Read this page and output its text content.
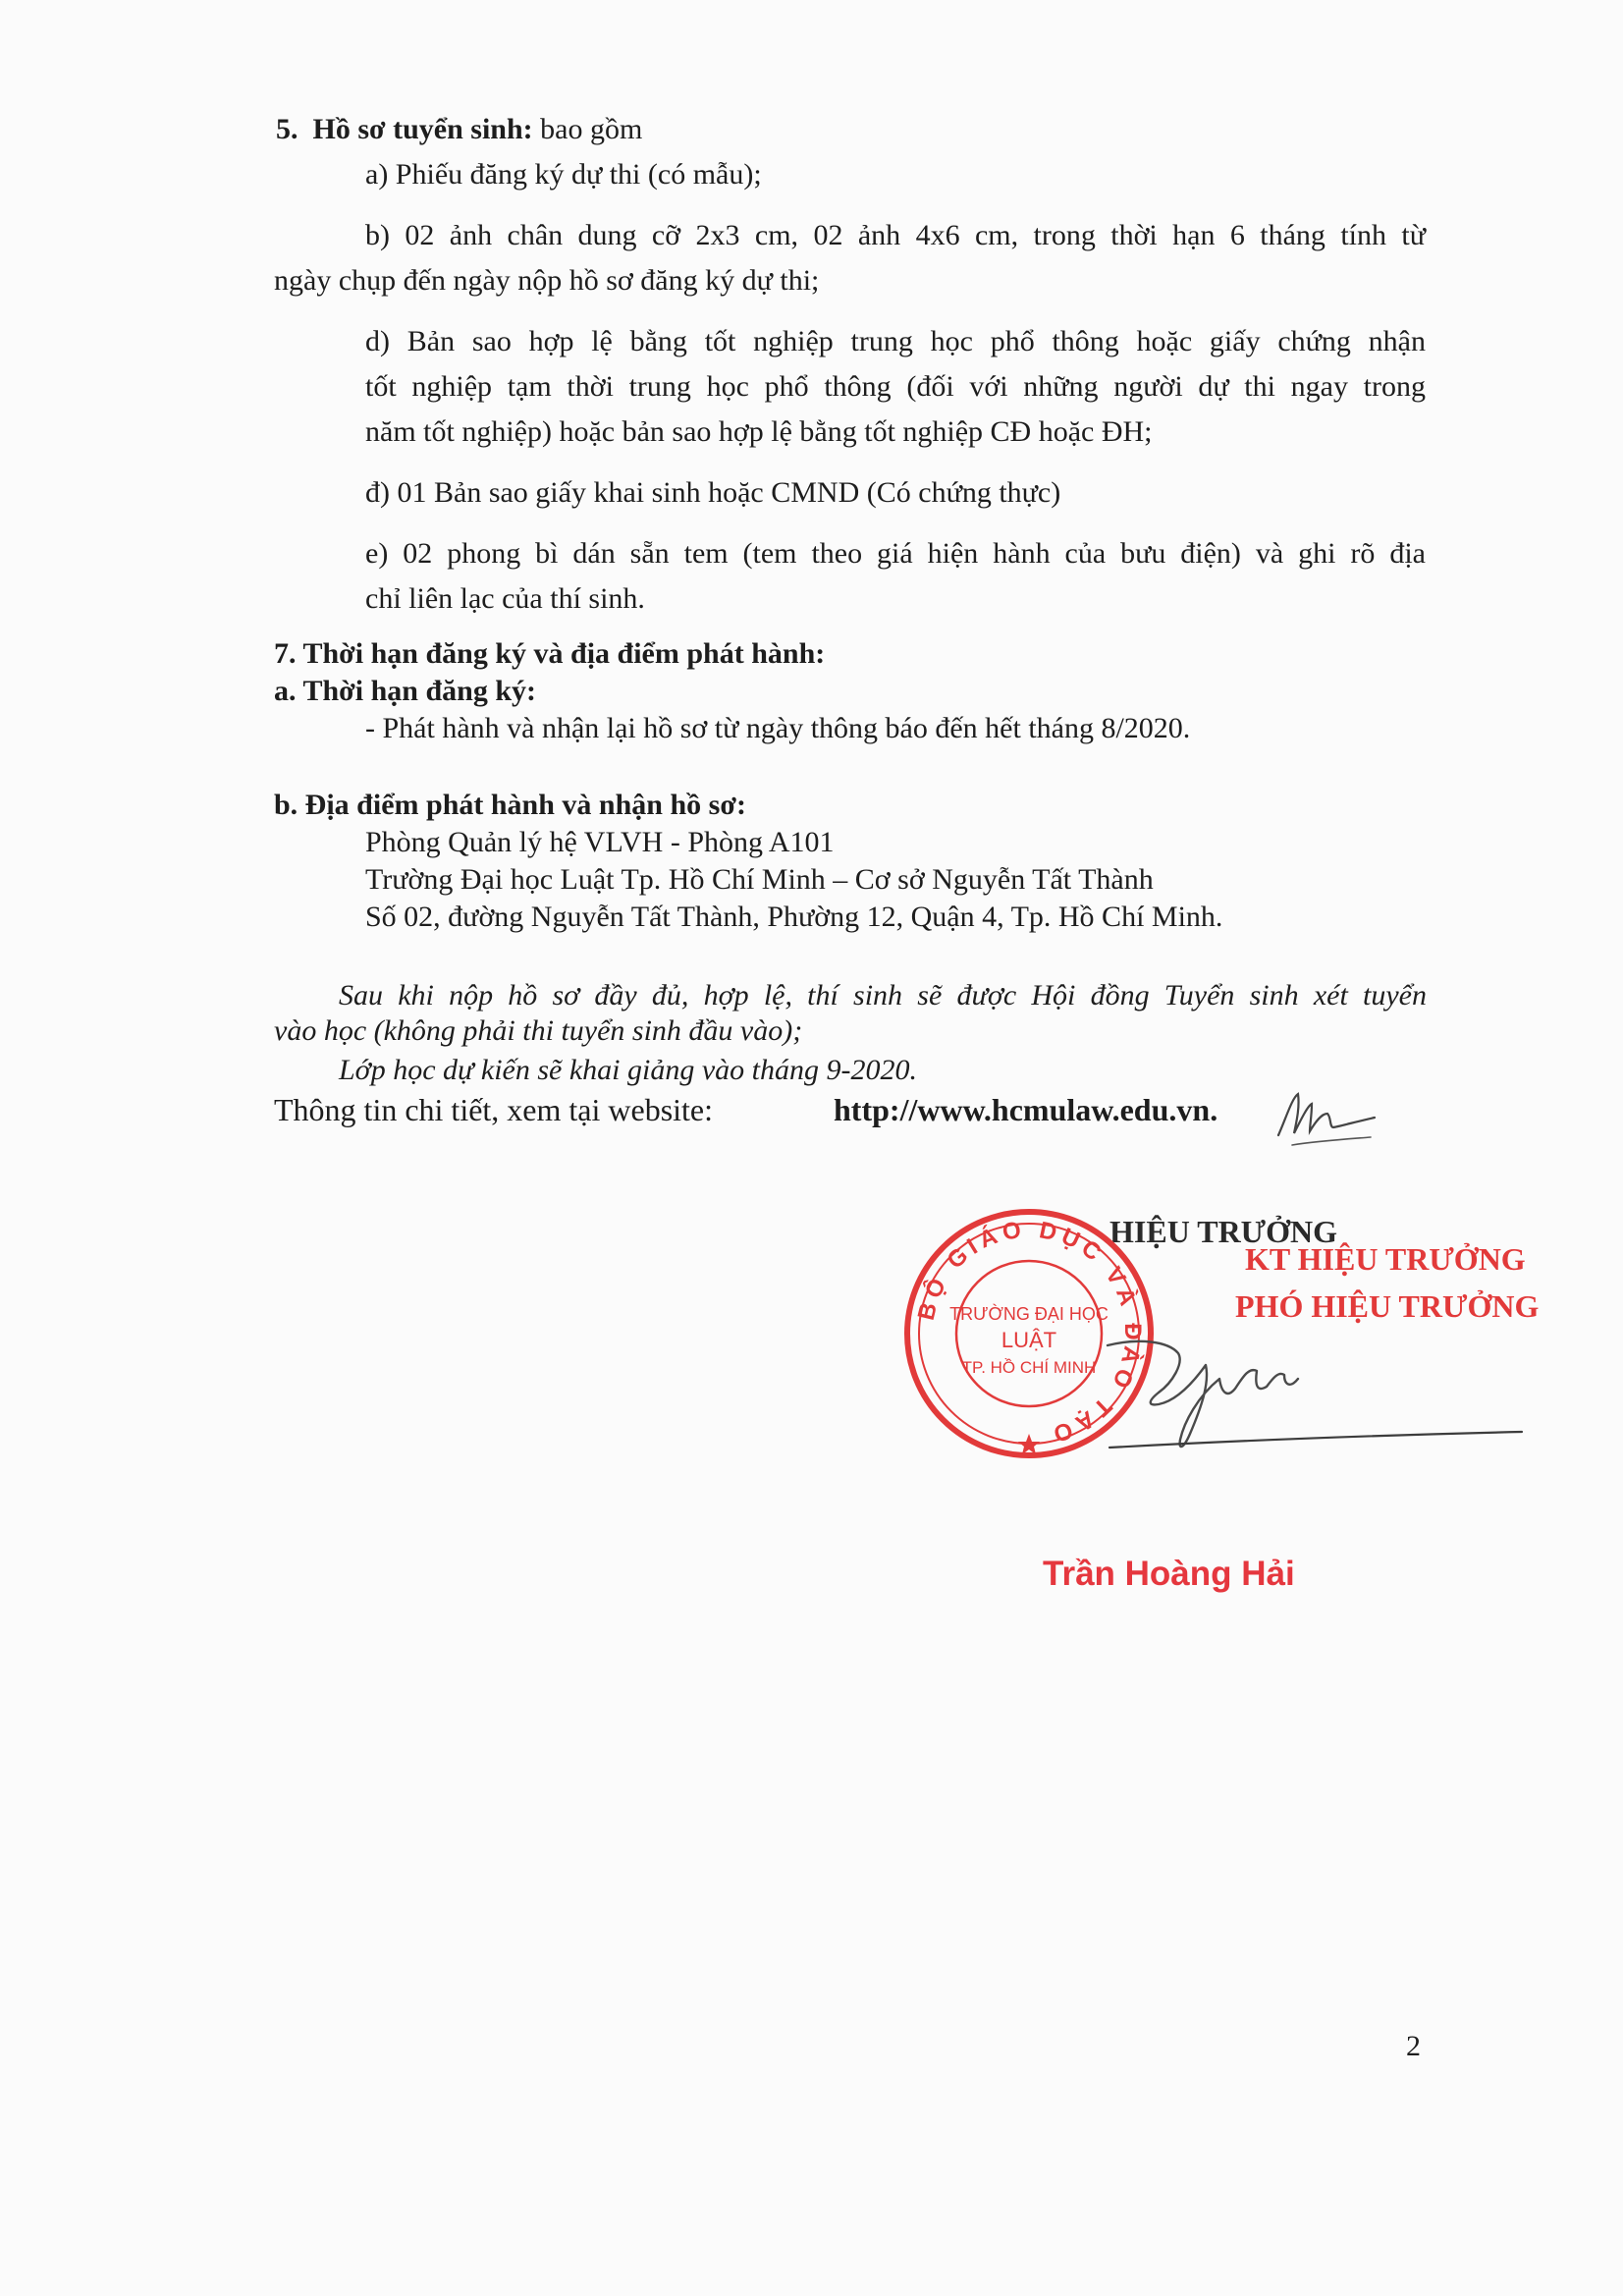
5. Hồ sơ tuyển sinh: bao gồm
a) Phiếu đăng ký dự thi (có mẫu);
b) 02 ảnh chân dung cỡ 2x3 cm, 02 ảnh 4x6 cm, trong thời hạn 6 tháng tính từ
ngày chụp đến ngày nộp hồ sơ đăng ký dự thi;
d) Bản sao hợp lệ bằng tốt nghiệp trung học phổ thông hoặc giấy chứng nhận
tốt nghiệp tạm thời trung học phổ thông (đối với những người dự thi ngay trong
năm tốt nghiệp) hoặc bản sao hợp lệ bằng tốt nghiệp CĐ hoặc ĐH;
đ) 01 Bản sao giấy khai sinh hoặc CMND (Có chứng thực)
e) 02 phong bì dán sẵn tem (tem theo giá hiện hành của bưu điện) và ghi rõ địa
chỉ liên lạc của thí sinh.
7. Thời hạn đăng ký và địa điểm phát hành:
a. Thời hạn đăng ký:
- Phát hành và nhận lại hồ sơ từ ngày thông báo đến hết tháng 8/2020.
b. Địa điểm phát hành và nhận hồ sơ:
Phòng Quản lý hệ VLVH - Phòng A101
Trường Đại học Luật Tp. Hồ Chí Minh – Cơ sở Nguyễn Tất Thành
Số 02, đường Nguyễn Tất Thành, Phường 12, Quận 4, Tp. Hồ Chí Minh.
Sau khi nộp hồ sơ đầy đủ, hợp lệ, thí sinh sẽ được Hội đồng Tuyển sinh xét tuyển
vào học (không phải thi tuyển sinh đầu vào);
Lớp học dự kiến sẽ khai giảng vào tháng 9-2020.
Thông tin chi tiết, xem tại website:	http://www.hcmulaw.edu.vn.
HIỆU TRƯỞNG
KT HIỆU TRƯỞNG
PHÓ HIỆU TRƯỞNG
BỘ GIÁO DỤC VÀ ĐÀO TẠO
TRƯỜNG ĐẠI HỌC
LUẬT
TP. HỒ CHÍ MINH
Trần Hoàng Hải
2
